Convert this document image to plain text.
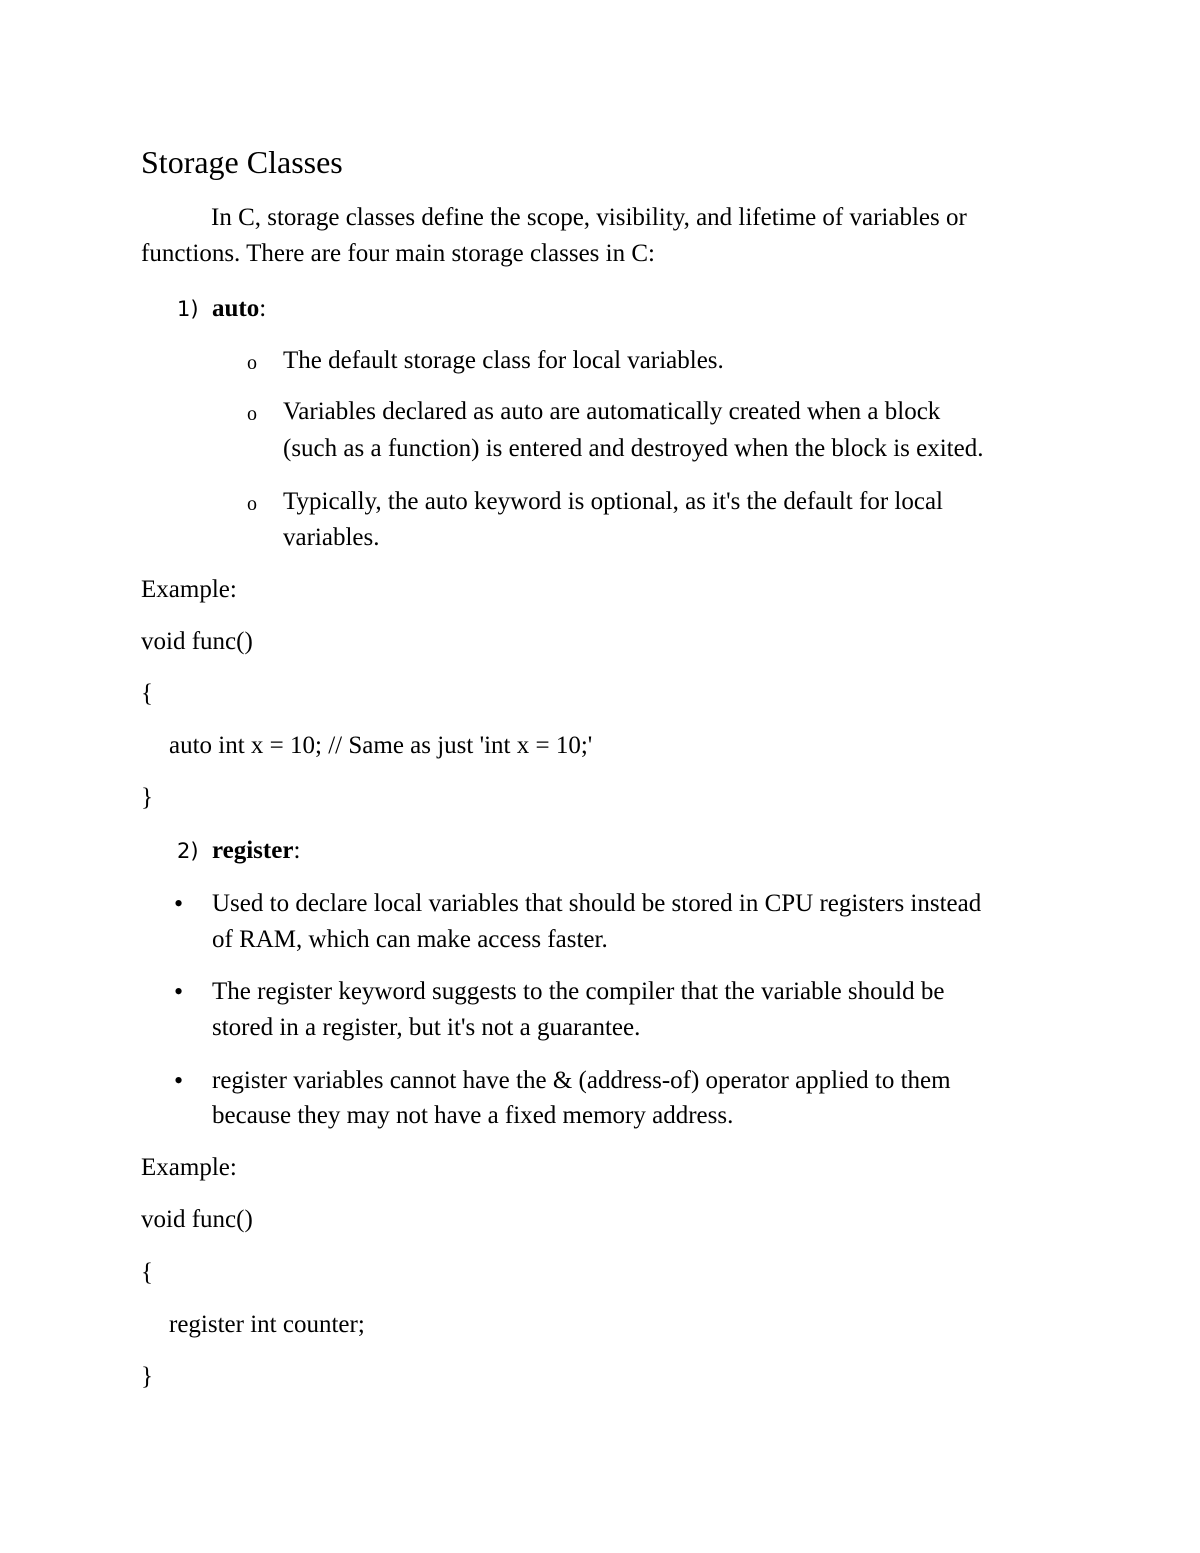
Storage Classes
In C, storage classes define the scope, visibility, and lifetime of variables or
functions. There are four main storage classes in C:
1) auto:
o The default storage class for local variables.
o Variables declared as auto are automatically created when a block
(such as a function) is entered and destroyed when the block is exited.
o Typically, the auto keyword is optional, as it's the default for local
variables.
Example:
void func()
{
auto int x = 10; // Same as just 'int x = 10;'
}
2) register:
• Used to declare local variables that should be stored in CPU registers instead
of RAM, which can make access faster.
• The register keyword suggests to the compiler that the variable should be
stored in a register, but it's not a guarantee.
• register variables cannot have the & (address-of) operator applied to them
because they may not have a fixed memory address.
Example:
void func()
{
register int counter;
}
